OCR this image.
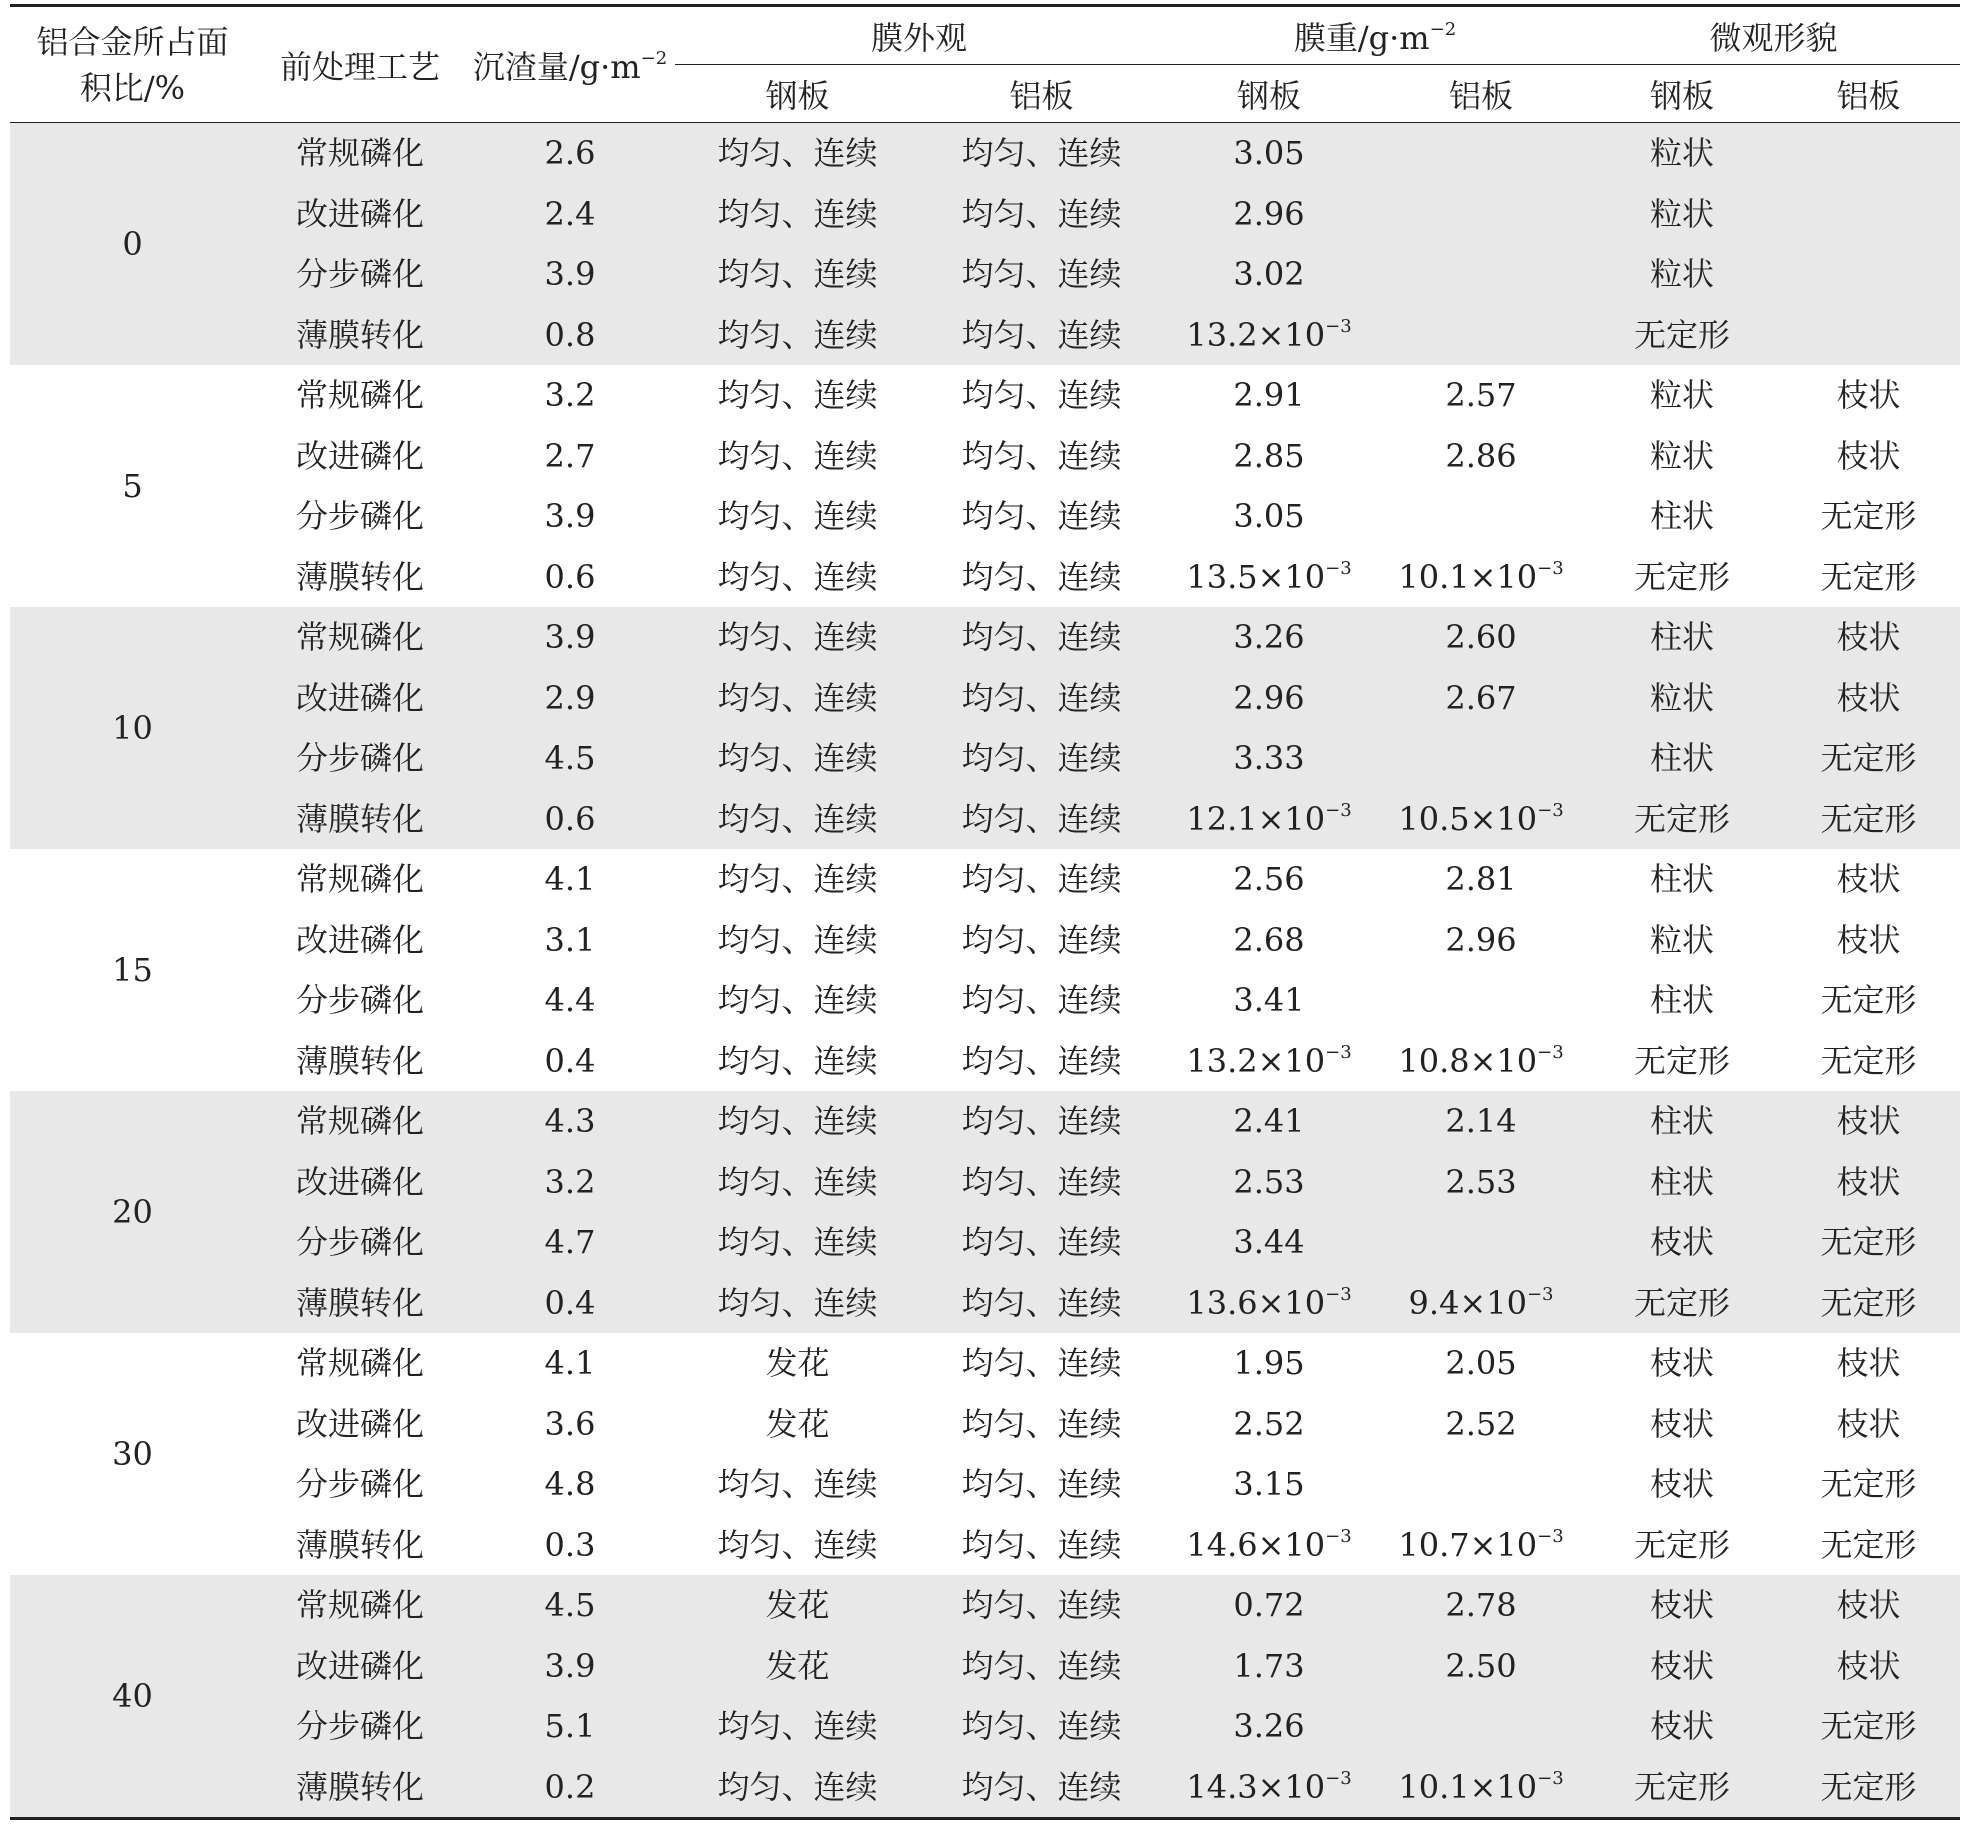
铝合金所占面
积比/%	前处理工艺	沉渣量$/g\cdot m^{-2}$	膜外观		膜重$/g\cdot m^{-2}$		微观形貌	
			钢板	铝板	钢板	铝板	钢板	铝板
0	常规磷化	2.6	均匀、连续	均匀、连续	3.05		粒状	
	改进磷化	2.4	均匀、连续	均匀、连续	2.96		粒状	
	分步磷化	3.9	均匀、连续	均匀、连续	3.02		粒状	
	薄膜转化	0.8	均匀、连续	均匀、连续	$13.2\times 10^{-3}$		无定形	
5	常规磷化	3.2	均匀、连续	均匀、连续	2.91	2.57	粒状	枝状
	改进磷化	2.7	均匀、连续	均匀、连续	2.85	2.86	粒状	枝状
	分步磷化	3.9	均匀、连续	均匀、连续	3.05		柱状	无定形
	薄膜转化	0.6	均匀、连续	均匀、连续	$13.5\times 10^{-3}$	$10.1\times 10^{-3}$	无定形	无定形
10	常规磷化	3.9	均匀、连续	均匀、连续	3.26	2.60	柱状	枝状
	改进磷化	2.9	均匀、连续	均匀、连续	2.96	2.67	粒状	枝状
	分步磷化	4.5	均匀、连续	均匀、连续	3.33		柱状	无定形
	薄膜转化	0.6	均匀、连续	均匀、连续	$12.1\times 10^{-3}$	$10.5\times 10^{-3}$	无定形	无定形
15	常规磷化	4.1	均匀、连续	均匀、连续	2.56	2.81	柱状	枝状
	改进磷化	3.1	均匀、连续	均匀、连续	2.68	2.96	粒状	枝状
	分步磷化	4.4	均匀、连续	均匀、连续	3.41		柱状	无定形
	薄膜转化	0.4	均匀、连续	均匀、连续	$13.2\times 10^{-3}$	$10.8\times 10^{-3}$	无定形	无定形
20	常规磷化	4.3	均匀、连续	均匀、连续	2.41	2.14	柱状	枝状
	改进磷化	3.2	均匀、连续	均匀、连续	2.53	2.53	柱状	枝状
	分步磷化	4.7	均匀、连续	均匀、连续	3.44		枝状	无定形
	薄膜转化	0.4	均匀、连续	均匀、连续	$13.6\times 10^{-3}$	$9.4\times 10^{-3}$	无定形	无定形
30	常规磷化	4.1	发花	均匀、连续	1.95	2.05	枝状	枝状
	改进磷化	3.6	发花	均匀、连续	2.52	2.52	枝状	枝状
	分步磷化	4.8	均匀、连续	均匀、连续	3.15		枝状	无定形
	薄膜转化	0.3	均匀、连续	均匀、连续	$14.6\times 10^{-3}$	$10.7\times 10^{-3}$	无定形	无定形
40	常规磷化	4.5	发花	均匀、连续	0.72	2.78	枝状	枝状
	改进磷化	3.9	发花	均匀、连续	1.73	2.50	枝状	枝状
	分步磷化	5.1	均匀、连续	均匀、连续	3.26		枝状	无定形
	薄膜转化	0.2	均匀、连续	均匀、连续	$14.3\times 10^{-3}$	$10.1\times 10^{-3}$	无定形	无定形
